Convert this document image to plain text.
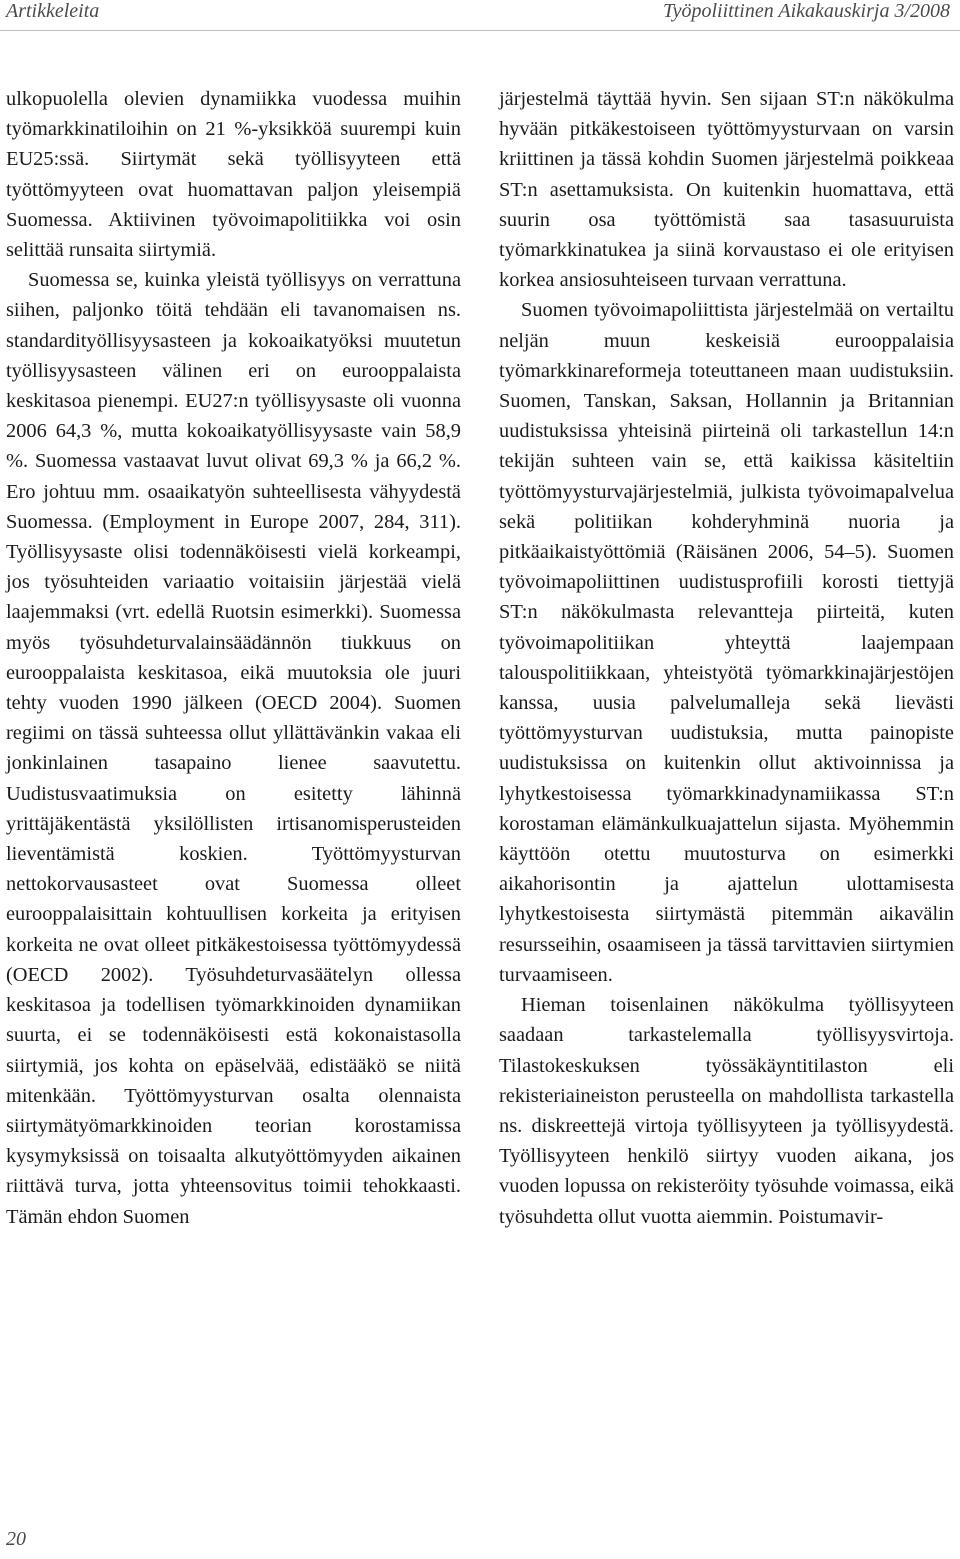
Artikkeleita	Työpoliittinen Aikakauskirja 3/2008

ulkopuolella olevien dynamiikka vuodessa muihin työmarkkinatiloihin on 21 %-yksikköä suurempi kuin EU25:ssä. Siirtymät sekä työllisyyteen että työttömyyteen ovat huomattavan paljon yleisempiä Suomessa. Aktiivinen työvoimapolitiikka voi osin selittää runsaita siirtymiä.

Suomessa se, kuinka yleistä työllisyys on verrattuna siihen, paljonko töitä tehdään eli tavanomaisen ns. standardityöllisyysasteen ja kokoaikatyöksi muutetun työllisyysasteen välinen eri on eurooppalaista keskitasoa pienempi. EU27:n työllisyysaste oli vuonna 2006 64,3 %, mutta kokoaikatyöllisyysaste vain 58,9 %. Suomessa vastaavat luvut olivat 69,3 % ja 66,2 %. Ero johtuu mm. osaaikatyön suhteellisesta vähyydestä Suomessa. (Employment in Europe 2007, 284, 311). Työllisyysaste olisi todennäköisesti vielä korkeampi, jos työsuhteiden variaatio voitaisiin järjestää vielä laajemmaksi (vrt. edellä Ruotsin esimerkki). Suomessa myös työsuhdeturvalainsäädännön tiukkuus on eurooppalaista keskitasoa, eikä muutoksia ole juuri tehty vuoden 1990 jälkeen (OECD 2004). Suomen regiimi on tässä suhteessa ollut yllättävänkin vakaa eli jonkinlainen tasapaino lienee saavutettu. Uudistusvaatimuksia on esitetty lähinnä yrittäjäkentästä yksilöllisten irtisanomisperusteiden lieventämistä koskien. Työttömyysturvan nettokorvausasteet ovat Suomessa olleet eurooppalaisittain kohtuullisen korkeita ja erityisen korkeita ne ovat olleet pitkäkestoisessa työttömyydessä (OECD 2002). Työsuhdeturvasäätelyn ollessa keskitasoa ja todellisen työmarkkinoiden dynamiikan suurta, ei se todennäköisesti estä kokonaistasolla siirtymiä, jos kohta on epäselvää, edistääkö se niitä mitenkään. Työttömyysturvan osalta olennaista siirtymätyömarkkinoiden teorian korostamissa kysymyksissä on toisaalta alkutyöttömyyden aikainen riittävä turva, jotta yhteensovitus toimii tehokkaasti. Tämän ehdon Suomen

järjestelmä täyttää hyvin. Sen sijaan ST:n näkökulma hyvään pitkäkestoiseen työttömyysturvaan on varsin kriittinen ja tässä kohdin Suomen järjestelmä poikkeaa ST:n asettamuksista. On kuitenkin huomattava, että suurin osa työttömistä saa tasasuuruista työmarkkinatukea ja siinä korvaustaso ei ole erityisen korkea ansiosuhteiseen turvaan verrattuna.

Suomen työvoimapoliittista järjestelmää on vertailtu neljän muun keskeisiä eurooppalaisia työmarkkinareformeja toteuttaneen maan uudistuksiin. Suomen, Tanskan, Saksan, Hollannin ja Britannian uudistuksissa yhteisinä piirteinä oli tarkastellun 14:n tekijän suhteen vain se, että kaikissa käsiteltiin työttömyysturvajärjestelmiä, julkista työvoimapalvelua sekä politiikan kohderyhminä nuoria ja pitkäaikaistyöttömiä (Räisänen 2006, 54–5). Suomen työvoimapoliittinen uudistusprofiili korosti tiettyjä ST:n näkökulmasta relevantteja piirteitä, kuten työvoimapolitiikan yhteyttä laajempaan talouspolitiikkaan, yhteistyötä työmarkkinajärjestöjen kanssa, uusia palvelumalleja sekä lievästi työttömyysturvan uudistuksia, mutta painopiste uudistuksissa on kuitenkin ollut aktivoinnissa ja lyhytkestoisessa työmarkkinadynamiikassa ST:n korostaman elämänkulkuajattelun sijasta. Myöhemmin käyttöön otettu muutosturva on esimerkki aikahorisontin ja ajattelun ulottamisesta lyhytkestoisesta siirtymästä pitemmän aikavälin resursseihin, osaamiseen ja tässä tarvittavien siirtymien turvaamiseen.

Hieman toisenlainen näkökulma työllisyyteen saadaan tarkastelemalla työllisyysvirtoja. Tilastokeskuksen työssäkäyntitilaston eli rekisteriaineiston perusteella on mahdollista tarkastella ns. diskreettejä virtoja työllisyyteen ja työllisyydestä. Työllisyyteen henkilö siirtyy vuoden aikana, jos vuoden lopussa on rekisteröity työsuhde voimassa, eikä työsuhdetta ollut vuotta aiemmin. Poistumavir-

20
